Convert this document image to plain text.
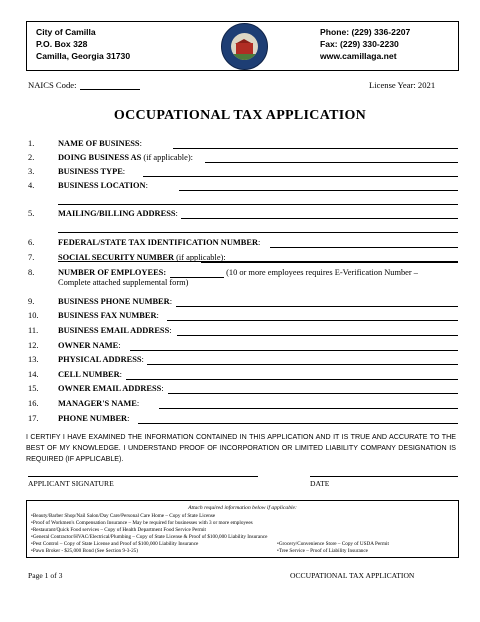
City of Camilla
P.O. Box 328
Camilla, Georgia 31730
Phone: (229) 336-2207
Fax: (229) 330-2230
www.camillaga.net
NAICS Code:	License Year: 2021
OCCUPATIONAL TAX APPLICATION
1.	NAME OF BUSINESS:
2.	DOING BUSINESS AS (if applicable):
3.	BUSINESS TYPE:
4.	BUSINESS LOCATION:
5.	MAILING/BILLING ADDRESS:
6.	FEDERAL/STATE TAX IDENTIFICATION NUMBER:
7.	SOCIAL SECURITY NUMBER (if applicable):
8.	NUMBER OF EMPLOYEES:	(10 or more employees requires E-Verification Number –
Complete attached supplemental form)
9.	BUSINESS PHONE NUMBER:
10. BUSINESS FAX NUMBER:
11. BUSINESS EMAIL ADDRESS:
12. OWNER NAME:
13. PHYSICAL ADDRESS:
14. CELL NUMBER:
15. OWNER EMAIL ADDRESS:
16. MANAGER'S NAME:
17. PHONE NUMBER:
I CERTIFY I HAVE EXAMINED THE INFORMATION CONTAINED IN THIS APPLICATION AND IT IS TRUE AND ACCURATE TO THE BEST OF MY KNOWLEDGE. I UNDERSTAND PROOF OF INCORPORATION OR LIMITED LIABILITY COMPANY DESIGNATION IS REQUIRED (IF APPLICABLE).
APPLICANT SIGNATURE	DATE
Attach required information below if applicable:
•Beauty/Barber Shop/Nail Salon/Day Care/Personal Care Home – Copy of State License
•Proof of Workmen's Compensation Insurance – May be required for businesses with 3 or more employees
•Restaurant/Quick Food services – Copy of Health Department Food Service Permit
•General Contractor/HVAC/Electrical/Plumbing – Copy of State License & Proof of $100,000 Liability Insurance
•Pest Control – Copy of State License and Proof of $100,000 Liability Insurance	•Grocery/Convenience Store – Copy of USDA Permit
•Pawn Broker - $25,000 Bond (See Section 9-3-25)	•Tree Service – Proof of Liability Insurance
Page 1 of 3	OCCUPATIONAL TAX APPLICATION
